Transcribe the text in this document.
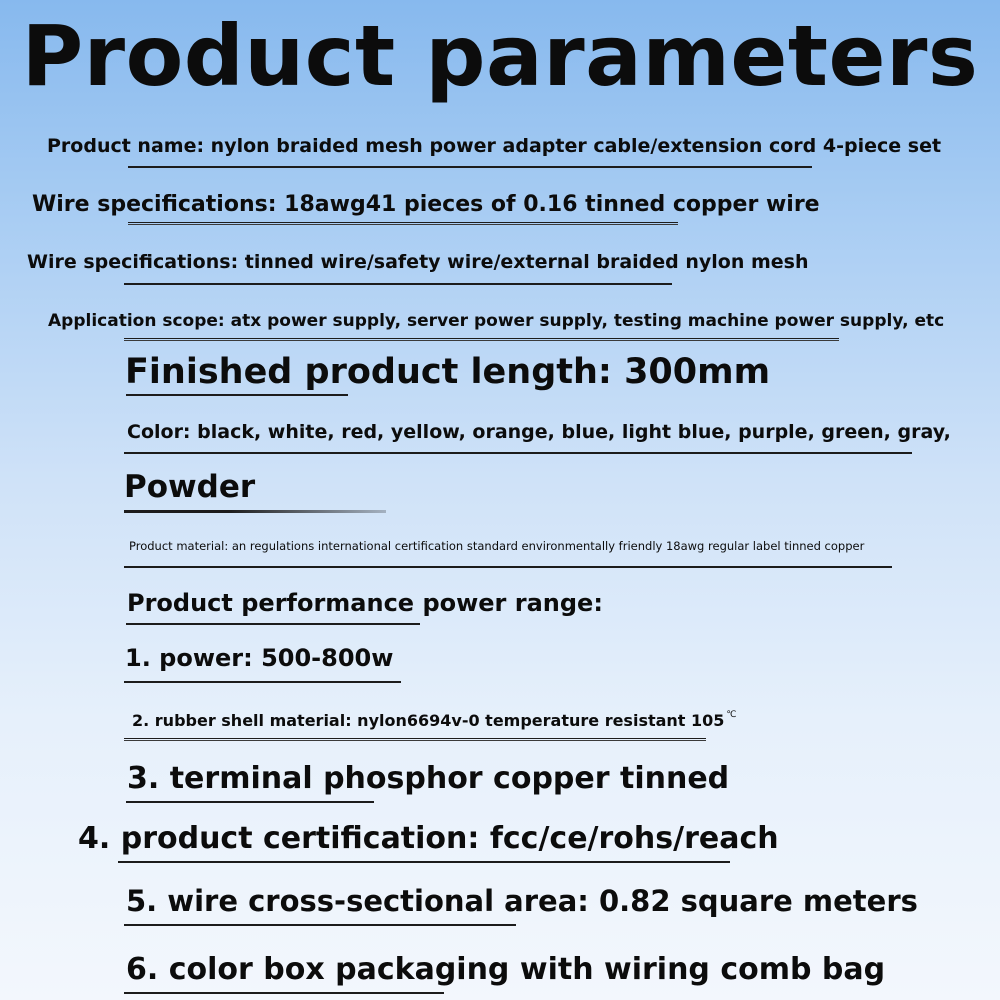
Product parameters
Product name: nylon braided mesh power adapter cable/extension cord 4-piece set
Wire specifications: 18awg41 pieces of 0.16 tinned copper wire
Wire specifications: tinned wire/safety wire/external braided nylon mesh
Application scope: atx power supply, server power supply, testing machine power supply, etc
Finished product length: 300mm
Color: black, white, red, yellow, orange, blue, light blue, purple, green, gray,
Powder
Product material: an regulations international certification standard environmentally friendly 18awg regular label tinned copper
Product performance power range:
1. power: 500-800w
2. rubber shell material: nylon6694v-0 temperature resistant 105 ℃
3. terminal phosphor copper tinned
4. product certification: fcc/ce/rohs/reach
5. wire cross-sectional area: 0.82 square meters
6. color box packaging with wiring comb bag
